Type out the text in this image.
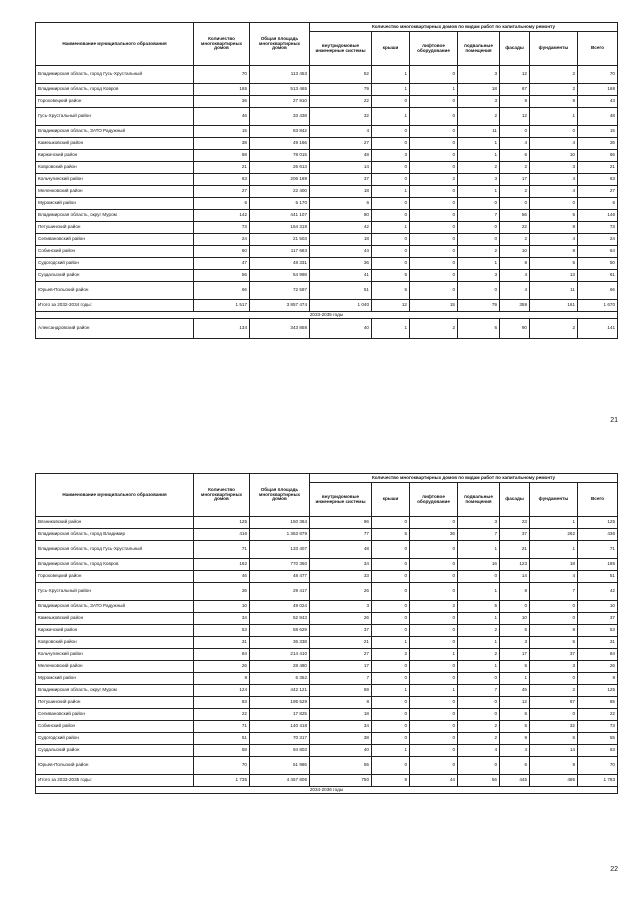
Наименование муниципального образования	Количество многоквартирных домов	Общая площадь многоквартирных домов	Количество многоквартирных домов по видам работ по капитальному ремонту						
			внутридомовые инженерные системы	крыши	лифтовое оборудование	подвальные помещения	фасады	фундаменты	Всего
Владимирская область, город Гусь-Хрустальный	70	113 453	52	1	0	3	12	2	70
Владимирская область, город Ковров	165	513 465	79	1	1	18	67	2	168
Гороховецкий район	36	27 910	22	0	0	3	9	9	43
Гусь-Хрустальный район	46	33 438	32	1	0	2	12	1	48
Владимирская область, ЗАТО Радужный	15	83 842	4	0	0	11	0	0	15
Камешковский район	38	49 166	27	0	0	1	4	4	36
Киржачский район	68	78 015	48	3	0	1	6	10	66
Ковровский район	21	26 613	14	0	0	2	2	3	21
Кольчугинский район	63	206 189	37	0	2	3	17	4	63
Меленковский район	27	22 400	18	1	0	1	2	4	27
Муромский район	6	5 170	6	0	0	0	0	0	6
Владимирская область, округ Муром	142	441 107	80	0	0	7	56	5	146
Петушинский район	73	154 318	42	1	0	0	22	8	73
Селивановский район	24	21 503	18	0	0	0	2	4	24
Собинский район	60	117 683	44	0	0	2	10	8	64
Судогодский район	47	48 331	36	0	0	1	8	5	50
Суздальский район	56	54 998	41	5	0	3	4	13	61
Юрьев-Польский район	66	72 597	51	5	0	0	4	11	66
Итого за 2032-2034 годы:	1 517	3 857 474	1 040	12	15	79	359	161	1 670
2033-2035 годы									
Александровский район	134	343 858	40	1	2	6	90	2	141
21
Наименование муниципального образования	Количество многоквартирных домов	Общая площадь многоквартирных домов	Количество многоквартирных домов по видам работ по капитальному ремонту						
			внутридомовые инженерные системы	крыши	лифтовое оборудование	подвальные помещения	фасады	фундаменты	Всего
Вязниковский район	125	150 384	96	0	0	3	23	1	125
Владимирская область, город Владимир	416	1 363 879	77	5	36	7	37	262	436
Владимирская область, город Гусь-Хрустальный	71	133 407	48	0	0	1	21	1	71
Владимирская область, город Ковров	162	770 360	34	0	0	16	123	18	185
Гороховецкий район	46	48 477	33	0	0	0	14	4	51
Гусь-Хрустальный район	36	29 417	26	0	0	1	8	7	42
Владимирская область, ЗАТО Радужный	10	49 024	3	0	2	5	0	0	10
Камешковский район	34	52 843	26	0	0	1	10	0	37
Киржачский район	53	58 629	37	0	0	2	6	8	53
Ковровский район	31	36 338	21	1	0	1	3	5	31
Кольчугинский район	84	214 410	27	2	1	2	17	37	84
Меленковский район	26	28 480	17	0	0	1	5	3	26
Муромский район	8	6 352	7	0	0	0	1	0	8
Владимирская область, округ Муром	124	442 121	69	1	1	7	45	2	125
Петушинский район	83	195 529	8	0	0	0	12	67	85
Селивановский район	22	17 825	18	0	0	0	6	0	22
Собинский район	71	140 418	34	0	0	2	5	32	73
Судогодский район	51	70 317	38	0	0	2	9	6	55
Суздальский район	58	94 803	40	1	0	4	4	14	63
Юрьев-Польский район	70	51 986	55	0	0	0	6	9	70
Итого за 2033-2035 годы:	1 735	4 457 806	750	9	44	56	445	485	1 783
2034-2036 годы									
22
